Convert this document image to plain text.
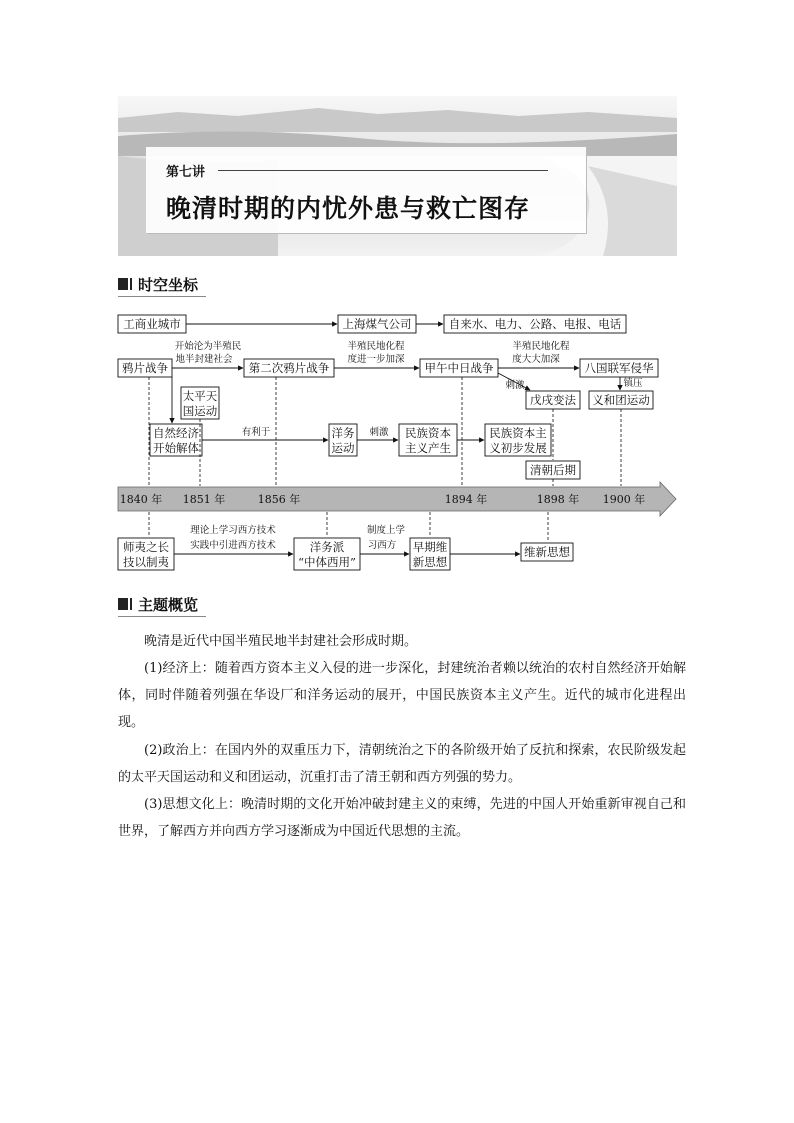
第七讲
晚清时期的内忧外患与救亡图存
时空坐标
工商业城市	上海煤气公司	自来水、电力、公路、电报、电话
鸦片战争	第二次鸦片战争	甲午中日战争	八国联军侵华
太平天
国运动
戊戌变法 义和团运动
自然经济
开始解体
洋务
运动
民族资本
主义产生
民族资本主
义初步发展
清朝后期
师夷之长
技以制夷
洋务派
“中体西用”
早期维
新思想
维新思想
开始沦为半殖民
地半封建社会
半殖民地化程
度进一步加深
半殖民地化程
度大大加深
刺激	镇压
有利于	刺激
理论上学习西方技术
实践中引进西方技术
制度上学
习西方
1840 年 1851 年	1856 年	1894 年	1898 年 1900 年
主题概览

晚清是近代中国半殖民地半封建社会形成时期。

(1)经济上：随着西方资本主义入侵的进一步深化，封建统治者赖以统治的农村自然经济开始解体，同时伴随着列强在华设厂和洋务运动的展开，中国民族资本主义产生。近代的城市化进程出现。

(2)政治上：在国内外的双重压力下，清朝统治之下的各阶级开始了反抗和探索，农民阶级发起的太平天国运动和义和团运动，沉重打击了清王朝和西方列强的势力。

(3)思想文化上：晚清时期的文化开始冲破封建主义的束缚，先进的中国人开始重新审视自己和世界，了解西方并向西方学习逐渐成为中国近代思想的主流。
